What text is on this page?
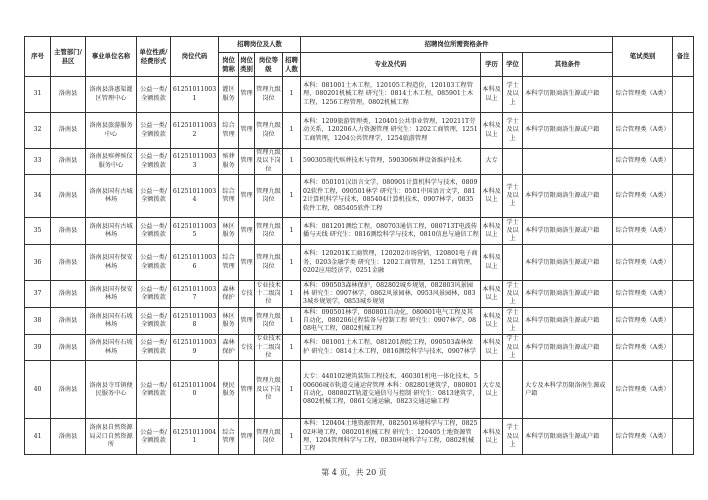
序号	主管部门/县区	事业单位名称	单位性质/经费形式	岗位代码	招聘岗位及人数				招聘岗位所需资格条件				笔试类别	备注
					岗位简称	岗位类别	岗位等级	招聘人数	专业及代码	学历	学位	其他条件		
31	洛南县	洛南县洛惠渠灌区管理中心	公益一类/全额拨款	612510110031	灌区服务	管理	管理九级岗位	1	本科：081001土木工程，120105工程造价，120103工程管理，080201机械工程 研究生：0814土木工程，085901土木工程，1256工程管理，0802机械工程	本科及以上	学士及以上	本科学历限商洛生源或户籍	综合管理类（A类）	
32	洛南县	洛南县旅游服务中心	公益一类/全额拨款	612510110032	综合管理	管理	管理九级岗位	1	本科：1209旅游管理类，120401公共事业管理，120211T劳动关系，120206人力资源管理 研究生：1202工商管理，1251工商管理，1204公共管理学，1254旅游管理	本科及以上	学士及以上	本科学历限商洛生源或户籍	综合管理类（A类）	
33	洛南县	洛南县殡葬殡仪服务中心	公益一类/全额拨款	612510110033	殡葬服务	管理	管理九级及以下岗位	1	590305现代殡葬技术与管理，590306殡葬设备维护技术	大专			综合管理类（A类）	
34	洛南县	洛南县国有古城林场	公益一类/全额拨款	612510110034	综合管理	管理	管理九级岗位	1	本科：050101汉语言文学，080901计算机科学与技术，080902软件工程，090501林学 研究生：0501中国语言文学，0812计算机科学与技术，085404计算机技术，0907林学，0835软件工程，085405软件工程	本科及以上	学士及以上	本科学历限商洛生源或户籍	综合管理类（A类）	
35	洛南县	洛南县国有古城林场	公益一类/全额拨款	612510110035	林区服务	管理	管理九级岗位	1	本科：081201测绘工程，080703通信工程，080713T电波传播与天线 研究生：0816测绘科学与技术，0810信息与通信工程	本科及以上	学士及以上	本科学历限商洛生源或户籍	综合管理类（A类）	
36	洛南县	洛南县国有保安林场	公益一类/全额拨款	612510110036	综合管理	管理	管理九级岗位	1	本科：120201K工商管理，120202市场营销，120801电子商务，0203金融学类 研究生：1202工商管理，1251工商管理，0202应用经济学，0251金融	本科及以上		本科学历限商洛生源或户籍	综合管理类（A类）	
37	洛南县	洛南县国有保安林场	公益一类/全额拨款	612510110037	森林保护	专技	专业技术十二级岗位	1	本科：090503森林保护，082802城乡规划，082803风景园林 研究生：0907林学，0862风景园林，0953风景园林，0833城乡规划学，0853城乡规划	本科及以上	学士及以上	本科学历限商洛生源或户籍	综合管理类（A类）	
38	洛南县	洛南县国有石坡林场	公益一类/全额拨款	612510110038	林区服务	管理	管理九级岗位	1	本科：090501林学，080801自动化，080601电气工程及其自动化，080206过程装备与控制工程 研究生：0907林学，0808电气工程，0802机械工程	本科及以上	学士及以上	本科学历限商洛生源或户籍	综合管理类（A类）	
39	洛南县	洛南县国有石坡林场	公益一类/全额拨款	612510110039	森林保护	专技	专业技术十二级岗位	1	本科：081001土木工程，081201测绘工程，090503森林保护 研究生：0814土木工程，0816测绘科学与技术，0907林学	本科及以上	学士及以上	本科学历限商洛生源或户籍	综合管理类（A类）	
40	洛南县	洛南县寺耳镇便民服务中心	公益一类/全额拨款	612510110040	便民服务	管理	管理九级及以下岗位	1	大专：440102建筑装饰工程技术，460301机电一体化技术，500606城市轨道交通运营管理 本科：082801建筑学，080801自动化，080802T轨道交通信号与控制 研究生：0813建筑学，0802机械工程，0861交通运输，0823交通运输工程	大专及以上		大专及本科学历限洛南生源或户籍	综合管理类（A类）	
41	洛南县	洛南县自然资源局灵口自然资源所	公益一类/全额拨款	612510110041	综合管理	管理	管理九级岗位	1	本科：120404土地资源管理，082501环境科学与工程，082502环境工程，080201机械工程 研究生：120405土地资源管理，1204管理科学与工程，0830环境科学与工程，0802机械工程	本科及以上	学士及以上	本科学历限商洛生源或户籍	综合管理类（A类）	
第 4 页，共 20 页
